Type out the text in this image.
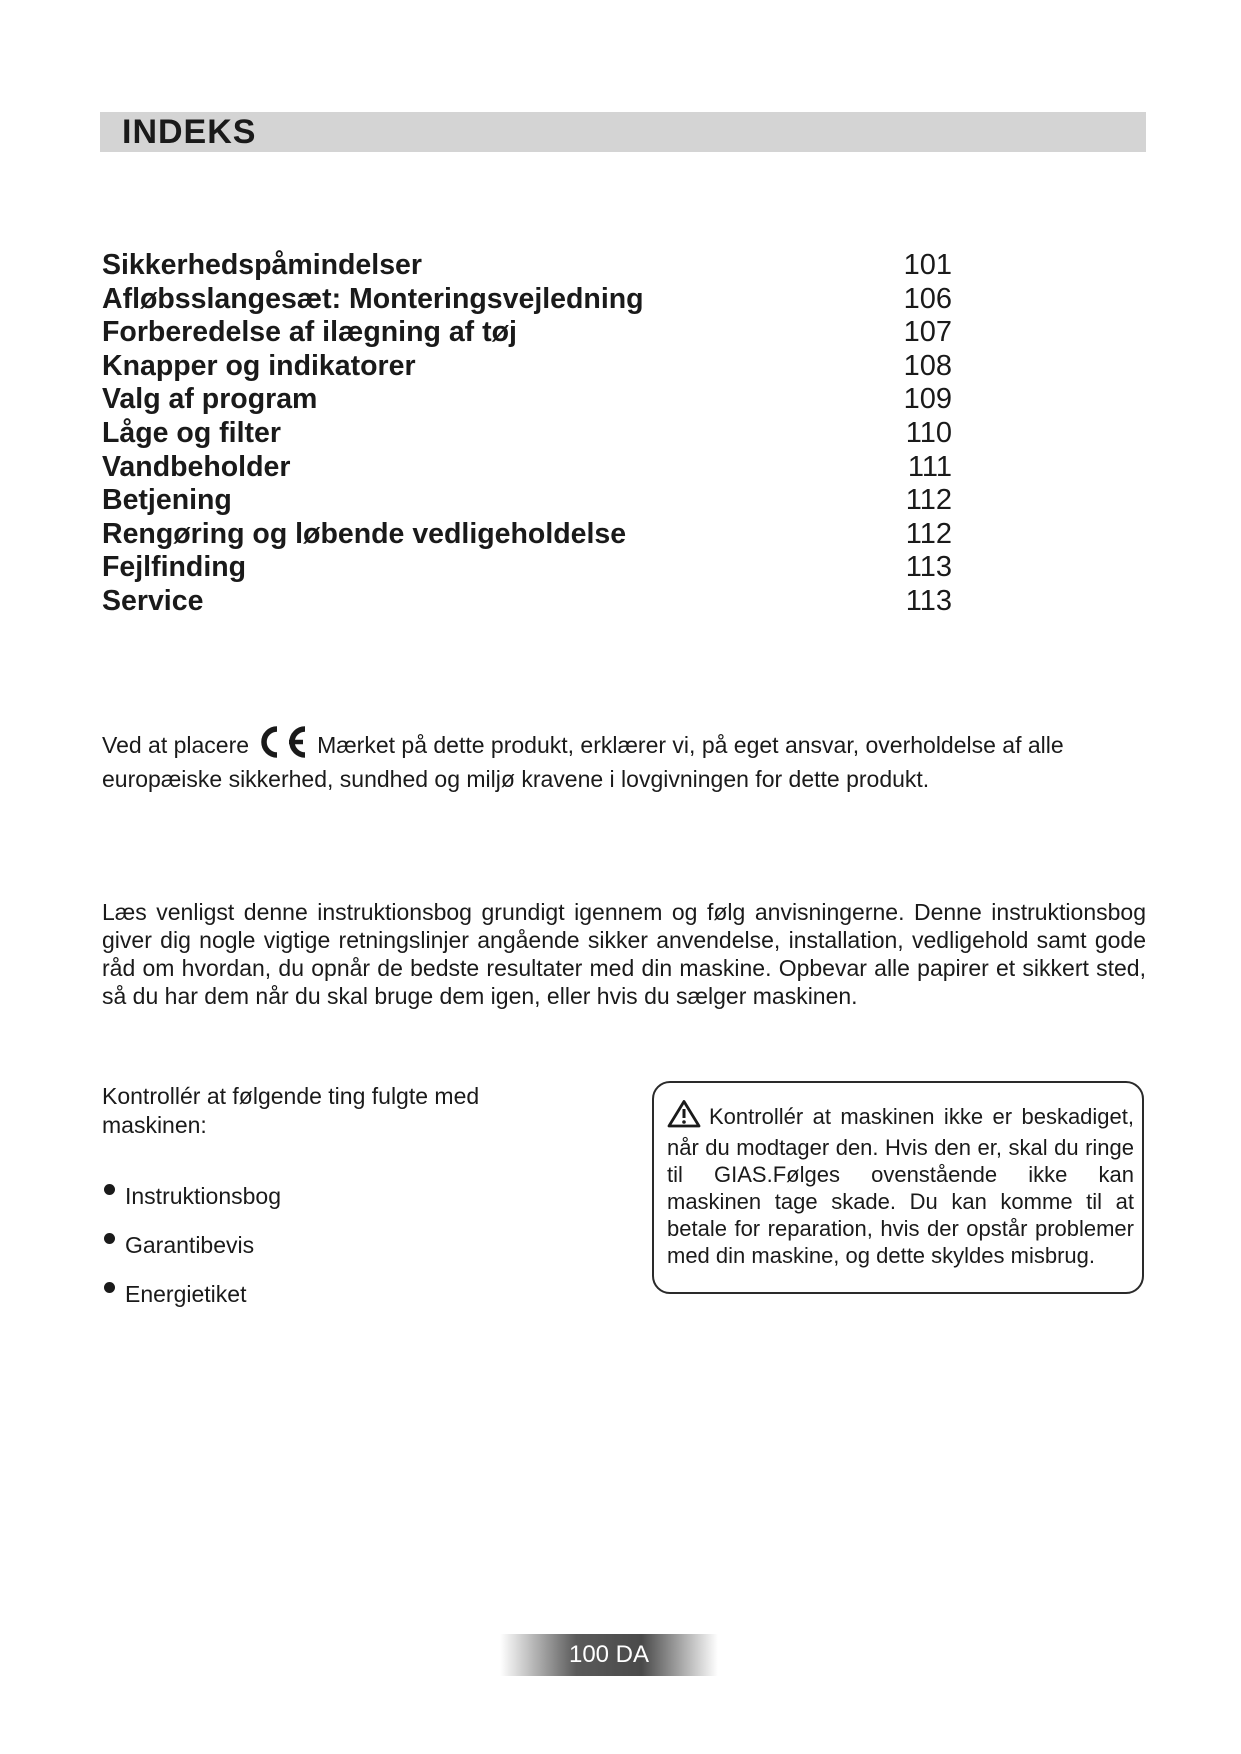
INDEKS
Sikkerhedspåmindelser	101
Afløbsslangesæt: Monteringsvejledning	106
Forberedelse af ilægning af tøj	107
Knapper og indikatorer	108
Valg af program	109
Låge og filter	110
Vandbeholder	111
Betjening	112
Rengøring og løbende vedligeholdelse	112
Fejlfinding	113
Service	113

Ved at placere	Mærket på dette produkt, erklærer vi, på eget ansvar, overholdelse af alle europæiske sikkerhed, sundhed og miljø kravene i lovgivningen for dette produkt.

Læs venligst denne instruktionsbog grundigt igennem og følg anvisningerne. Denne instruktionsbog giver dig nogle vigtige retningslinjer angående sikker anvendelse, installation, vedligehold samt gode råd om hvordan, du opnår de bedste resultater med din maskine. Opbevar alle papirer et sikkert sted, så du har dem når du skal bruge dem igen, eller hvis du sælger maskinen.

Kontrollér at følgende ting fulgte med maskinen:
Instruktionsbog
Garantibevis
Energietiket

Kontrollér at maskinen ikke er beskadiget, når du modtager den. Hvis den er, skal du ringe til GIAS.Følges ovenstående ikke kan maskinen tage skade. Du kan komme til at betale for reparation, hvis der opstår problemer med din maskine, og dette skyldes misbrug.

100 DA
